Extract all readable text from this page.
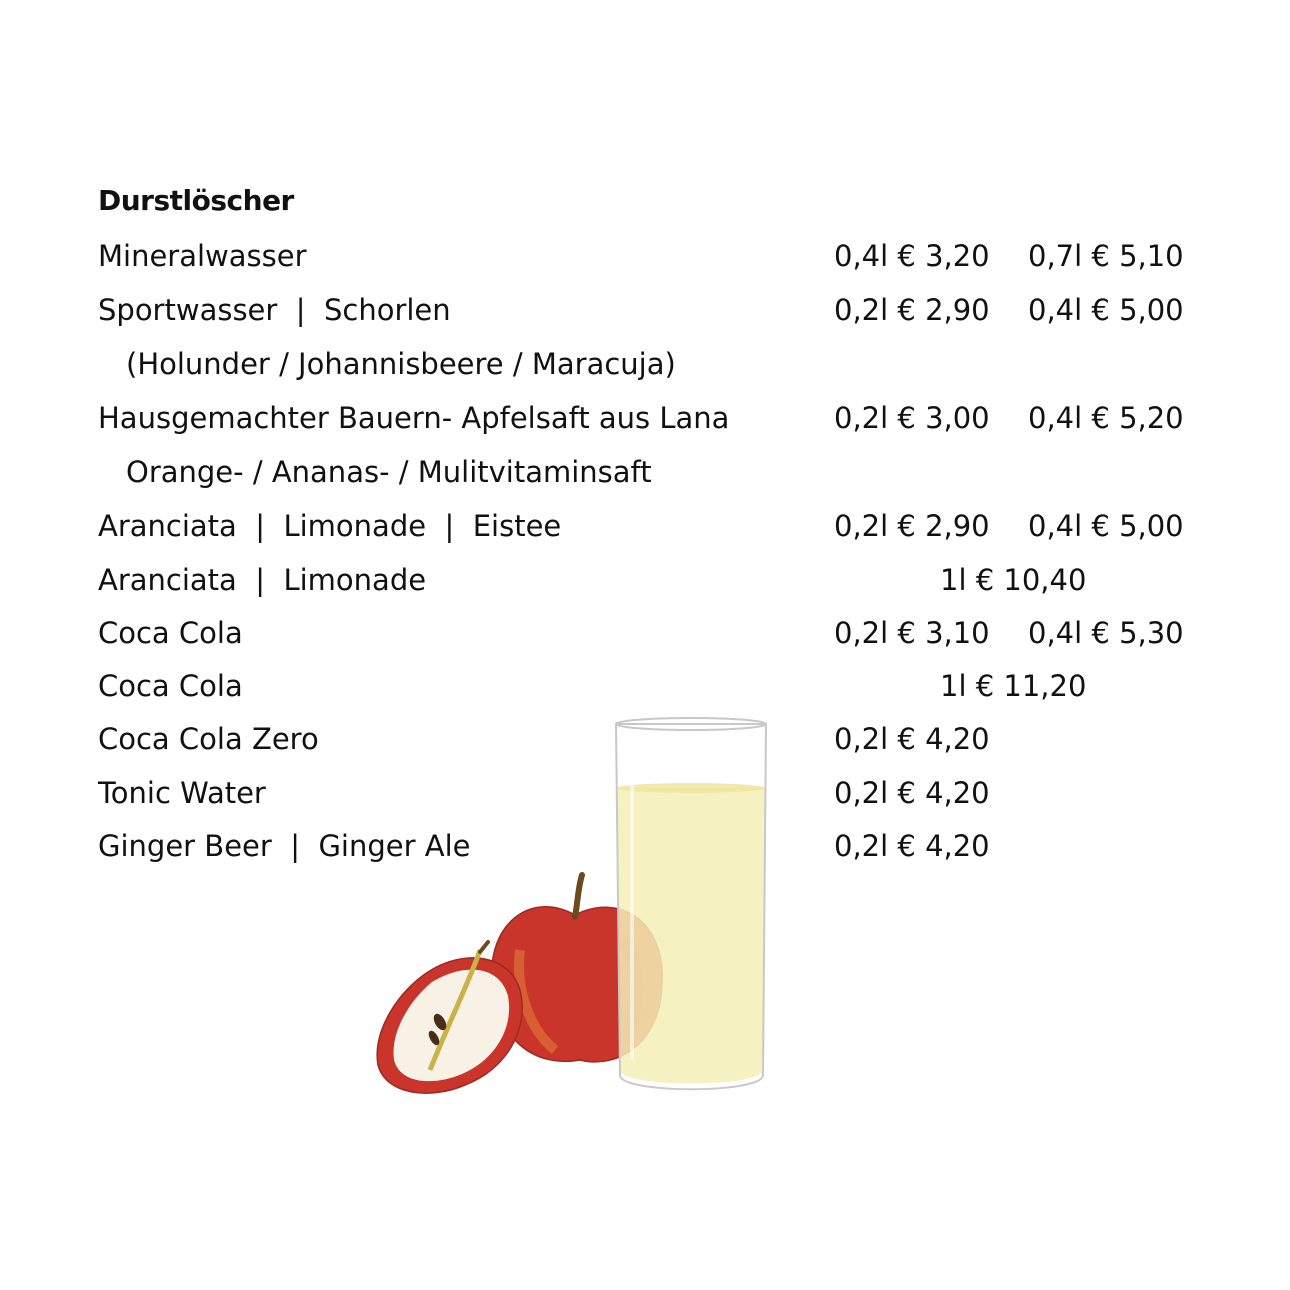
Durstlöscher
Mineralwasser	0,4l € 3,20 0,7l € 5,10
Sportwasser  |  Schorlen	0,2l € 2,90 0,4l € 5,00
(Holunder / Johannisbeere / Maracuja)
Hausgemachter Bauern- Apfelsaft aus Lana	0,2l € 3,00 0,4l € 5,20
Orange- / Ananas- / Mulitvitaminsaft
Aranciata  |  Limonade  |  Eistee	0,2l € 2,90 0,4l € 5,00
Aranciata  |  Limonade	1l € 10,40
Coca Cola	0,2l € 3,10 0,4l € 5,30
Coca Cola	1l € 11,20
Coca Cola Zero	0,2l € 4,20
Tonic Water	0,2l € 4,20
Ginger Beer  |  Ginger Ale	0,2l € 4,20
